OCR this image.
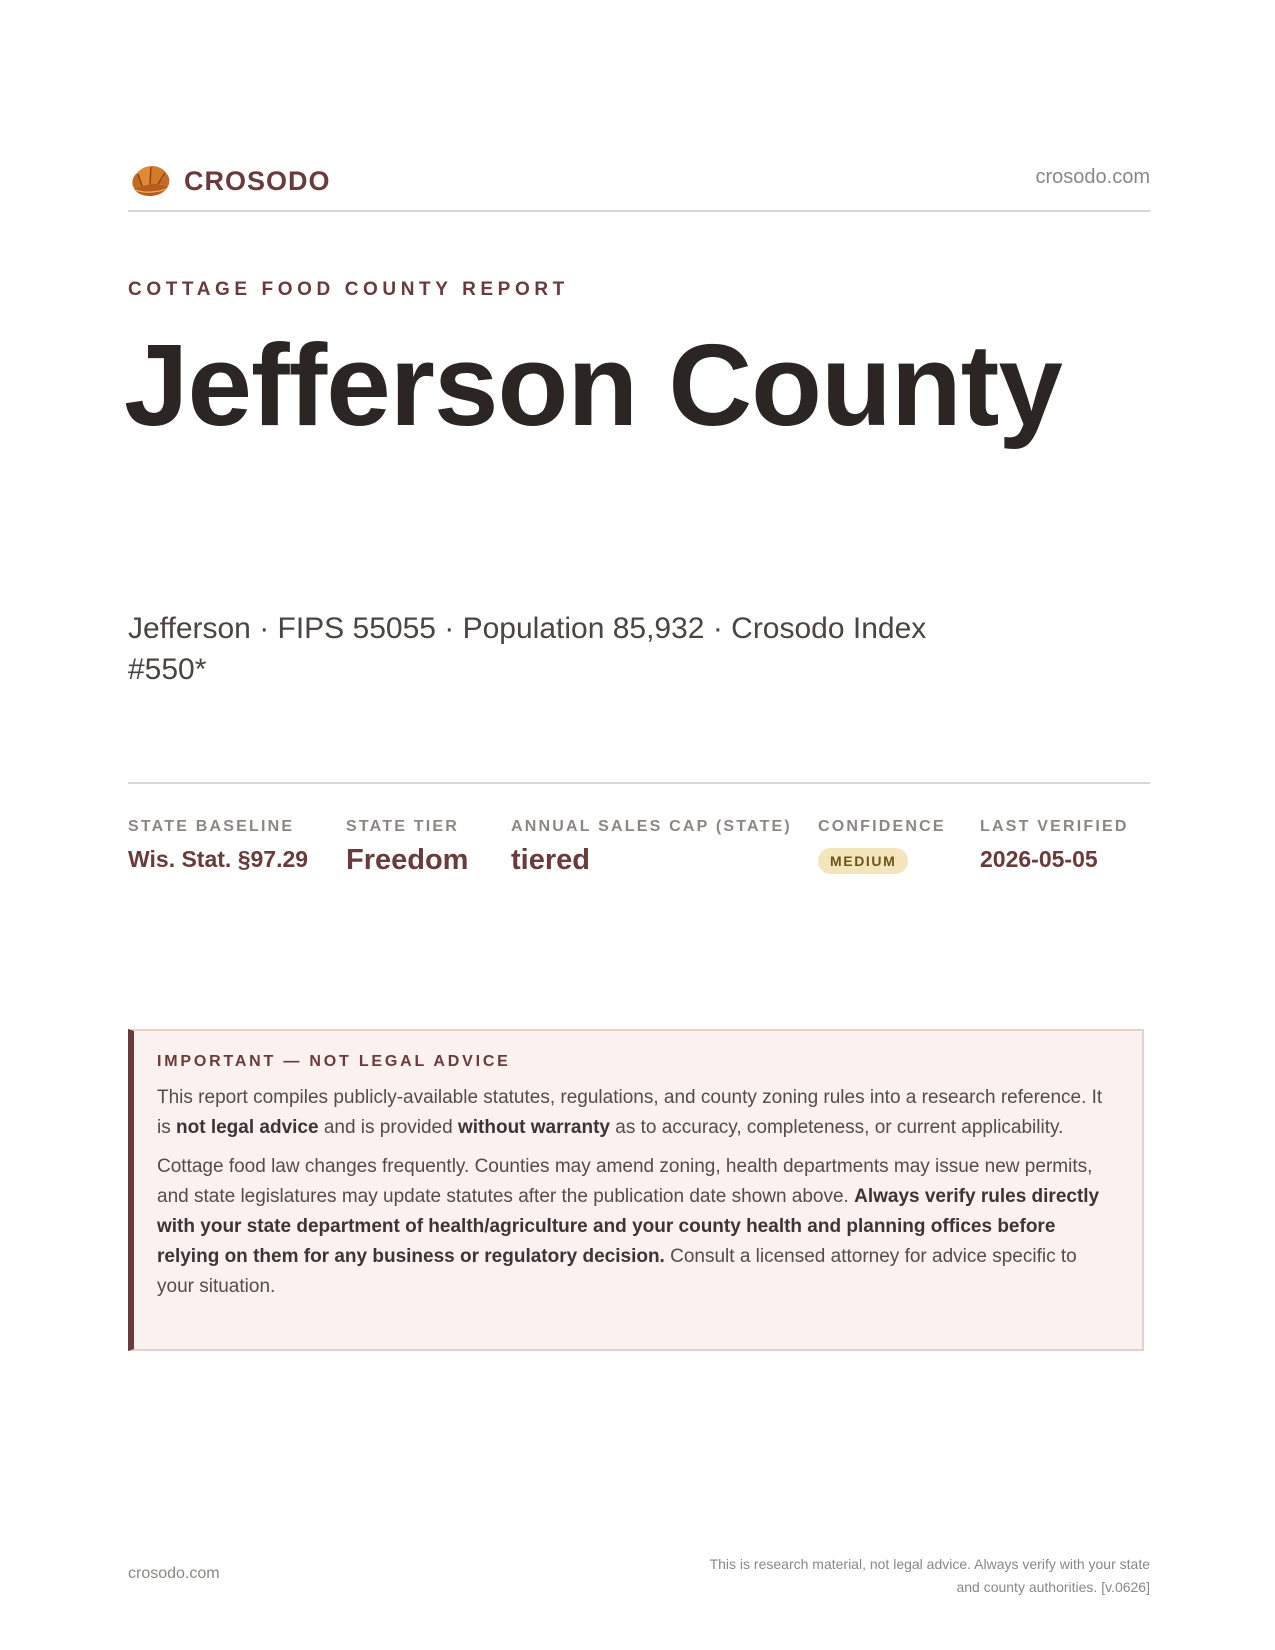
CROSODO	crosodo.com
COTTAGE FOOD COUNTY REPORT
Jefferson County
Jefferson · FIPS 55055 · Population 85,932 · Crosodo Index #550*
STATE BASELINE
Wis. Stat. §97.29
STATE TIER
Freedom
ANNUAL SALES CAP (STATE)
tiered
CONFIDENCE
MEDIUM
LAST VERIFIED
2026-05-05
IMPORTANT — NOT LEGAL ADVICE
This report compiles publicly-available statutes, regulations, and county zoning rules into a research reference. It is not legal advice and is provided without warranty as to accuracy, completeness, or current applicability.
Cottage food law changes frequently. Counties may amend zoning, health departments may issue new permits, and state legislatures may update statutes after the publication date shown above. Always verify rules directly with your state department of health/agriculture and your county health and planning offices before relying on them for any business or regulatory decision. Consult a licensed attorney for advice specific to your situation.
crosodo.com
This is research material, not legal advice. Always verify with your state
and county authorities. [v.0626]
